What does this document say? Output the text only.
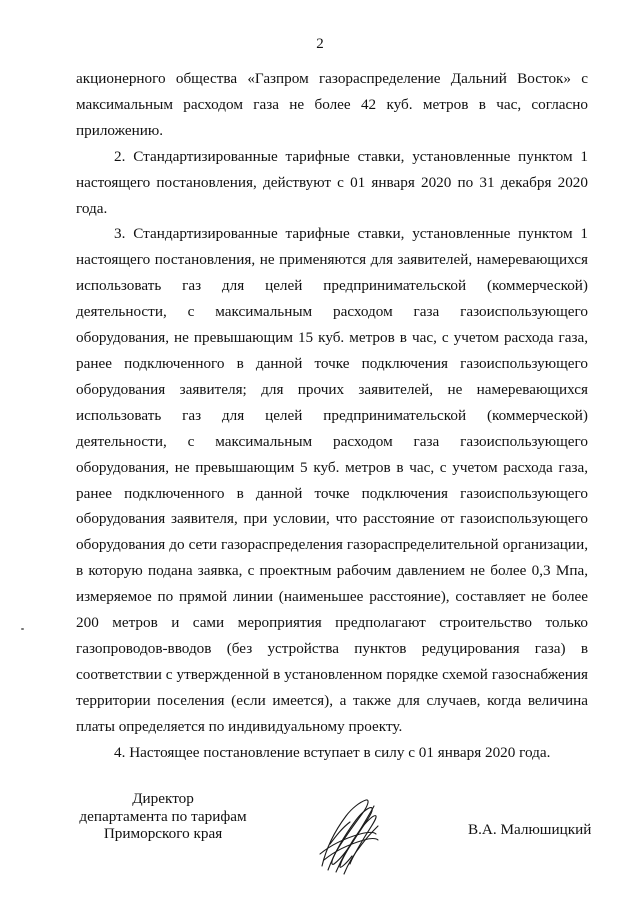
2

акционерного общества «Газпром газораспределение Дальний Восток» с максимальным расходом газа не более 42 куб. метров в час, согласно приложению.

2. Стандартизированные тарифные ставки, установленные пунктом 1 настоящего постановления, действуют с 01 января 2020 по 31 декабря 2020 года.

3. Стандартизированные тарифные ставки, установленные пунктом 1 настоящего постановления, не применяются для заявителей, намеревающихся использовать газ для целей предпринимательской (коммерческой) деятельности, с максимальным расходом газа газоиспользующего оборудования, не превышающим 15 куб. метров в час, с учетом расхода газа, ранее подключенного в данной точке подключения газоиспользующего оборудования заявителя; для прочих заявителей, не намеревающихся использовать газ для целей предпринимательской (коммерческой) деятельности, с максимальным расходом газа газоиспользующего оборудования, не превышающим 5 куб. метров в час, с учетом расхода газа, ранее подключенного в данной точке подключения газоиспользующего оборудования заявителя, при условии, что расстояние от газоиспользующего оборудования до сети газораспределения газораспределительной организации, в которую подана заявка, с проектным рабочим давлением не более 0,3 Мпа, измеряемое по прямой линии (наименьшее расстояние), составляет не более 200 метров и сами мероприятия предполагают строительство только газопроводов-вводов (без устройства пунктов редуцирования газа) в соответствии с утвержденной в установленном порядке схемой газоснабжения территории поселения (если имеется), а также для случаев, когда величина платы определяется по индивидуальному проекту.

4. Настоящее постановление вступает в силу с 01 января 2020 года.

Директор
департамента по тарифам
Приморского края	В.А. Малюшицкий
